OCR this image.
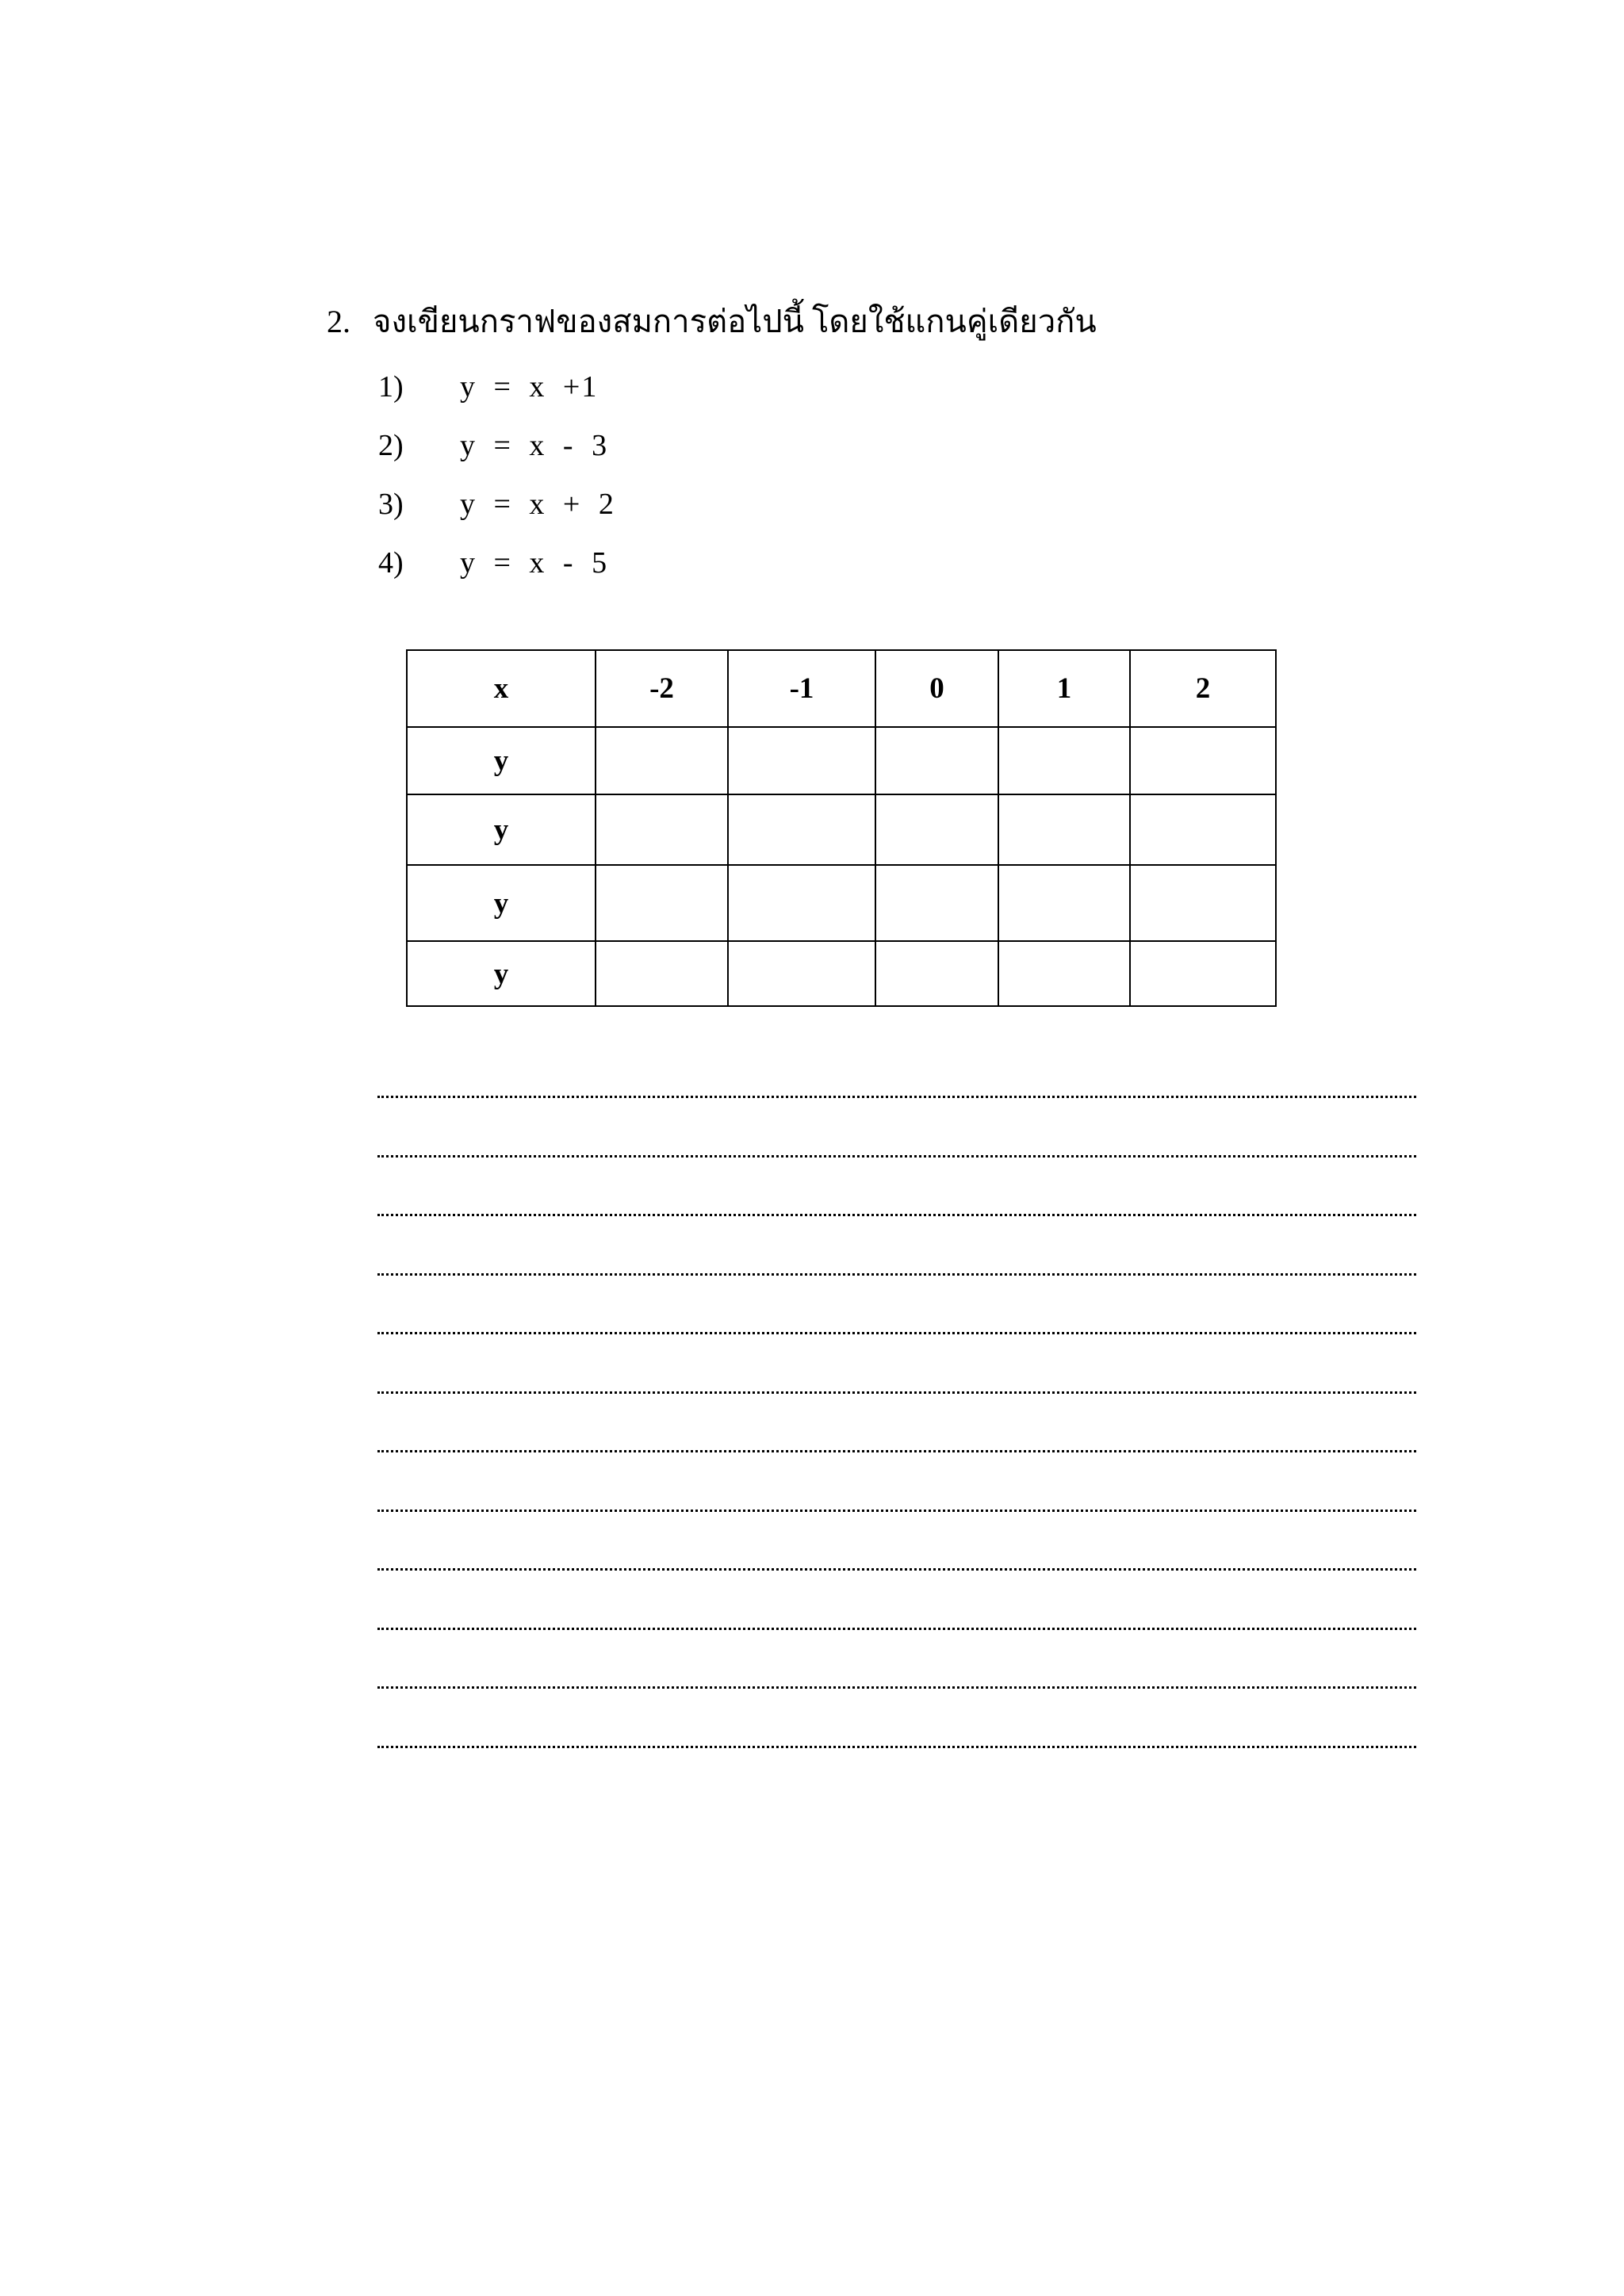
2. จงเขียนกราฟของสมการต่อไปนี้ โดยใช้แกนคู่เดียวกัน
1)	y = x +1
2)	y = x - 3
3)	y = x + 2
4)	y = x - 5
x	-2	-1	0	1	2
y					
y					
y					
y					
